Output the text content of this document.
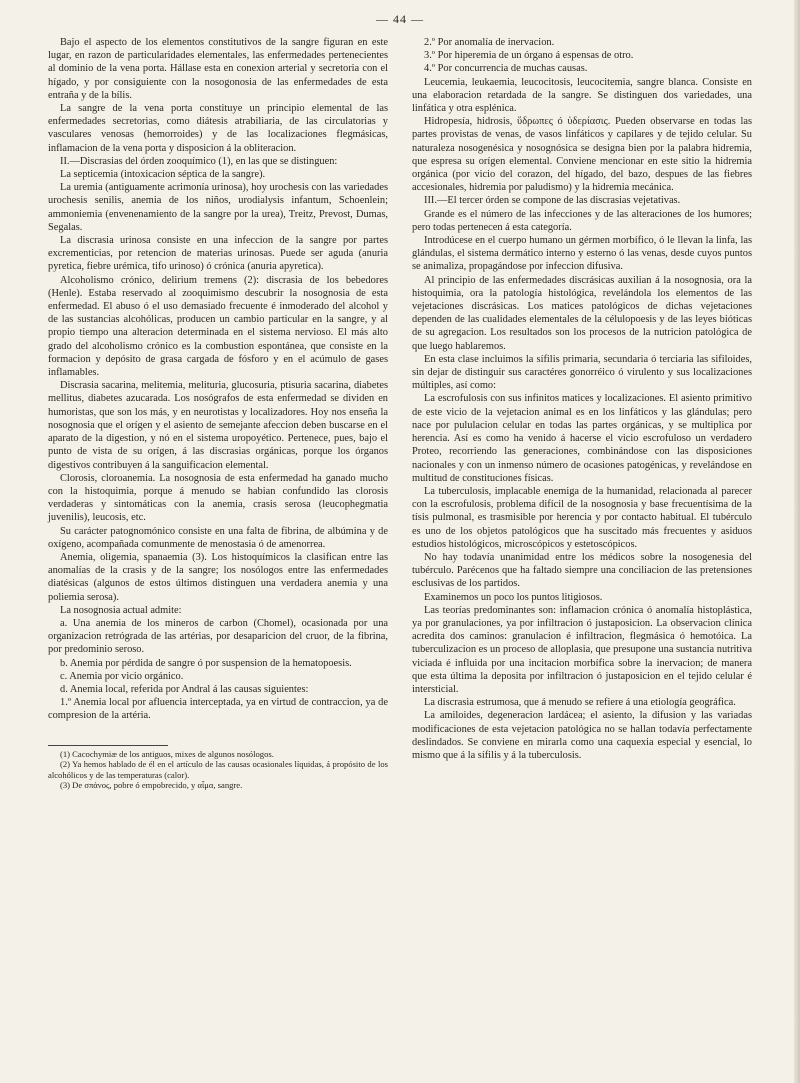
— 44 —

Bajo el aspecto de los elementos constitutivos de la sangre figuran en este lugar, en razon de particularidades elementales, las enfermedades pertenecientes al dominio de la vena porta. Hállase esta en conexion arterial y secretoria con el hígado, y por consiguiente con la nosogonosia de las enfermedades de esta entraña y de la bílis.

La sangre de la vena porta constituye un principio elemental de las enfermedades secretorias, como diátesis atrabiliaria, de las circulatorias y vasculares venosas (hemorroides) y de las localizaciones flegmásicas, inflamacion de la vena porta y disposicion á la obliteracion.

II.—Discrasias del órden zooquímico (1), en las que se distinguen:

La septicemia (intoxicacion séptica de la sangre).

La uremia (antiguamente acrimonía urinosa), hoy urochesis con las variedades urochesis senilis, anemia de los niños, urodialysis infantum, Schoenlein; ammoniemia (envenenamiento de la sangre por la urea), Treitz, Prevost, Dumas, Segalas.

La discrasia urinosa consiste en una infeccion de la sangre por partes excrementicias, por retencion de materias urinosas. Puede ser aguda (anuria pyretica, fiebre urémica, tifo urinoso) ó crónica (anuria apyretica).

Alcoholismo crónico, delirium tremens (2): discrasia de los bebedores (Henle). Estaba reservado al zooquimismo descubrir la nosognosia de esta enfermedad. El abuso ó el uso demasiado frecuente é inmoderado del alcohol y de las sustancias alcohólicas, producen un cambio particular en la sangre, y al propio tiempo una alteracion determinada en el sistema nervioso. El más alto grado del alcoholismo crónico es la combustion espontánea, que consiste en la formacion y depósito de grasa cargada de fósforo y en el acúmulo de gases inflamables.

Discrasia sacarina, melitemia, melituria, glucosuria, ptisuria sacarina, diabetes mellitus, diabetes azucarada. Los nosógrafos de esta enfermedad se dividen en humoristas, que son los más, y en neurotistas y localizadores. Hoy nos enseña la nosognosia que el orígen y el asiento de semejante afeccion deben buscarse en el aparato de la digestion, y nó en el sistema uropoyético. Pertenece, pues, bajo el punto de vista de su orígen, á las discrasias orgánicas, porque los órganos digestivos contribuyen á la sanguificacion elemental.

Clorosis, cloroanemia. La nosognosia de esta enfermedad ha ganado mucho con la histoquimia, porque á menudo se habian confundido las clorosis verdaderas y sintomáticas con la anemia, crasis serosa (leucophegmatia juvenilis), leucosis, etc.

Su carácter patognomónico consiste en una falta de fibrina, de albúmina y de oxígeno, acompañada comunmente de menostasia ó de amenorrea.

Anemia, oligemia, spanaemia (3). Los histoquímicos la clasifican entre las anomalías de la crasis y de la sangre; los nosólogos entre las enfermedades diatésicas (algunos de estos últimos distinguen una verdadera anemia y una poliemia serosa).

La nosognosia actual admite:

a. Una anemia de los mineros de carbon (Chomel), ocasionada por una organizacion retrógrada de las artérias, por desaparicion del cruor, de la fibrina, por predominio seroso.

b. Anemia por pérdida de sangre ó por suspension de la hematopoesis.

c. Anemia por vicio orgánico.

d. Anemia local, referida por Andral á las causas siguientes:

1.º Anemia local por afluencia interceptada, ya en virtud de contraccion, ya de compresion de la artéria.

(1) Cacochymiæ de los antiguos, mixes de algunos nosólogos.

(2) Ya hemos hablado de él en el artículo de las causas ocasionales líquidas, á propósito de los alcohólicos y de las temperaturas (calor).

(3) De σπάνος, pobre ó empobrecido, y αἷμα, sangre.

2.º Por anomalía de inervacion.

3.º Por hiperemia de un órgano á espensas de otro.

4.º Por concurrencia de muchas causas.

Leucemia, leukaemia, leucocitosis, leucocitemia, sangre blanca. Consiste en una elaboracion retardada de la sangre. Se distinguen dos variedades, una linfática y otra esplénica.

Hidropesía, hidrosis, ὕδρωπες ó ὑδερίασις. Pueden observarse en todas las partes provistas de venas, de vasos linfáticos y capilares y de tejido celular. Su naturaleza nosogenésica y nosognósica se designa bien por la palabra hidremia, que espresa su orígen elemental. Conviene mencionar en este sitio la hidremia orgánica (por vicio del corazon, del hígado, del bazo, despues de las fiebres accesionales, hidremia por paludismo) y la hidremia mecánica.

III.—El tercer órden se compone de las discrasias vejetativas.

Grande es el número de las infecciones y de las alteraciones de los humores; pero todas pertenecen á esta categoría.

Introdúcese en el cuerpo humano un gérmen morbífico, ó le llevan la linfa, las glándulas, el sistema dermático interno y esterno ó las venas, desde cuyos puntos se animaliza, propagándose por infeccion difusiva.

Al principio de las enfermedades discrásicas auxilian á la nosognosia, ora la histoquimia, ora la patología histológica, revelándola los elementos de las vejetaciones discrásicas. Los matices patológicos de dichas vejetaciones dependen de las cualidades elementales de la célulopoesis y de las leyes bióticas de su agregacion. Los resultados son los procesos de la nutricion patológica de que luego hablaremos.

En esta clase incluimos la sífilis primaria, secundaria ó terciaria las sifiloides, sin dejar de distinguir sus caractéres gonorréico ó virulento y sus localizaciones múltiples, así como:

La escrofulosis con sus infinitos matices y localizaciones. El asiento primitivo de este vicio de la vejetacion animal es en los linfáticos y las glándulas; pero nace por pululacion celular en todas las partes orgánicas, y se multiplica por herencia. Así es como ha venido á hacerse el vicio escrofuloso un verdadero Proteo, recorriendo las generaciones, combinándose con las disposiciones nacionales y con un inmenso número de ocasiones patogénicas, y revelándose en multitud de constituciones físicas.

La tuberculosis, implacable enemiga de la humanidad, relacionada al parecer con la escrofulosis, problema difícil de la nosognosia y base frecuentísima de la tísis pulmonal, es trasmisible por herencia y por contacto habitual. El tubérculo es uno de los objetos patológicos que ha suscitado más frecuentes y asiduos estudios histológicos, microscópicos y estetoscópicos.

No hay todavía unanimidad entre los médicos sobre la nosogenesia del tubérculo. Parécenos que ha faltado siempre una conciliacion de las pretensiones esclusivas de los partidos.

Examinemos un poco los puntos litigiosos.

Las teorías predominantes son: inflamacion crónica ó anomalía histoplástica, ya por granulaciones, ya por infiltracion ó justaposicion. La observacion clínica acredita dos caminos: granulacion é infiltracion, flegmásica ó hemotóica. La tuberculizacion es un proceso de alloplasia, que presupone una sustancia nutritiva viciada é influida por una incitacion morbífica sobre la inervacion; de manera que esta última la deposita por infiltracion ó justaposicion en el tejido celular é intersticial.

La discrasia estrumosa, que á menudo se refiere á una etiología geográfica.

La amiloides, degeneracion lardácea; el asiento, la difusion y las variadas modificaciones de esta vejetacion patológica no se hallan todavía perfectamente deslindados. Se conviene en mirarla como una caquexia especial y esencial, lo mismo que á la sífilis y á la tuberculosis.
